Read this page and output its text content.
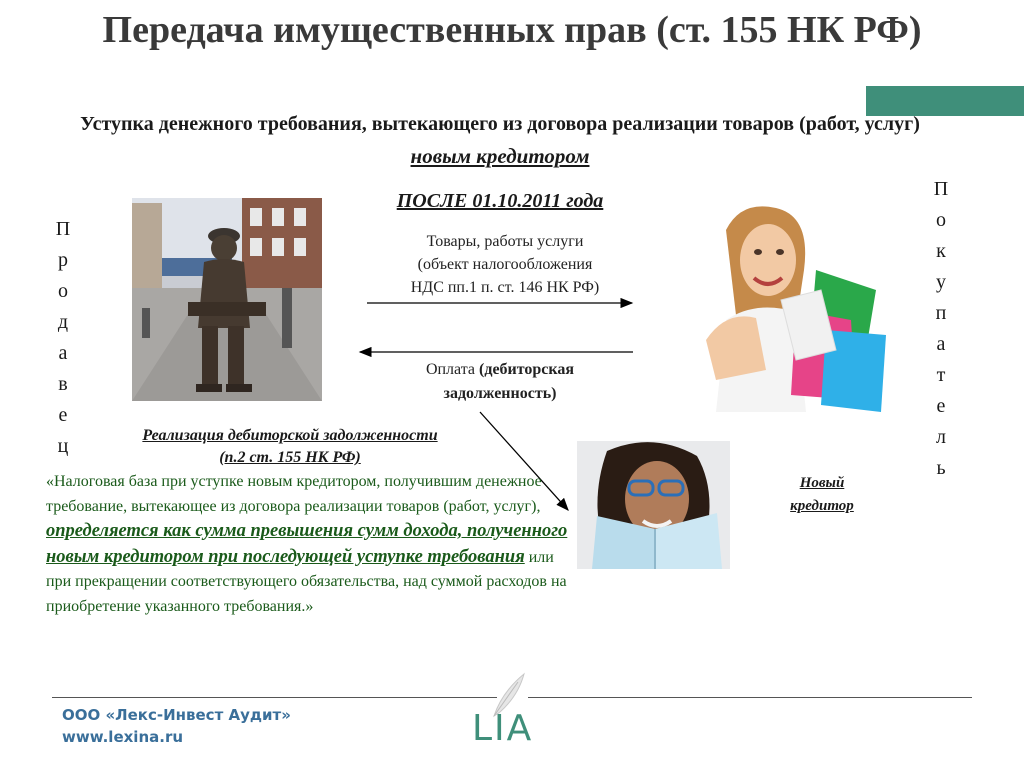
Передача имущественных прав (ст. 155 НК РФ)
Уступка денежного требования, вытекающего из договора реализации товаров (работ, услуг) новым кредитором
П
р
о
д
а
в
е
ц
П
о
к
у
п
а
т
е
л
ь
ПОСЛЕ 01.10.2011 года
Товары, работы услуги
(объект налогообложения
НДС пп.1 п. ст. 146 НК РФ)
Оплата (дебиторская задолженность)
Реализация дебиторской задолженности
(п.2 ст. 155 НК РФ)
Новый кредитор
«Налоговая база при уступке новым кредитором, получившим денежное требование, вытекающее из договора реализации товаров (работ, услуг), определяется как сумма превышения сумм дохода, полученного новым кредитором при последующей уступке требования или при прекращении соответствующего обязательства, над суммой расходов на приобретение указанного требования.»
ООО «Лекс-Инвест Аудит»
www.lexina.ru	LIA
